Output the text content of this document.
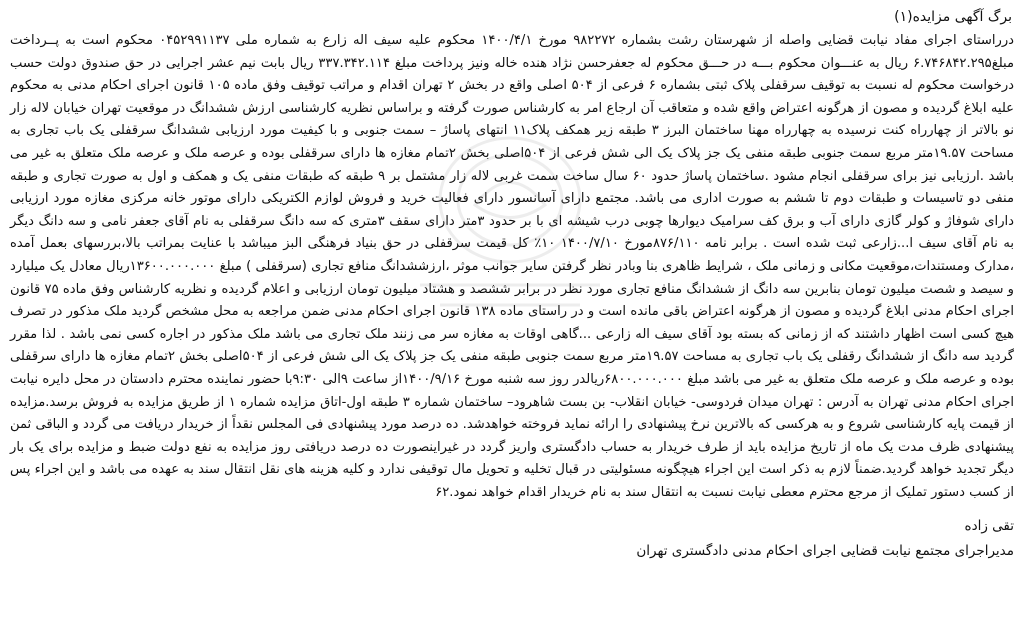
برگ آگهی مزایده(۱)

درراستای اجرای مفاد نیابت قضایی واصله از شهرستان رشت بشماره ۹۸۲۲۷۲ مورخ ۱۴۰۰/۴/۱ محکوم علیه سیف اله زارع به شماره ملی ۰۴۵۲۹۹۱۱۳۷ محکوم است به پــرداخت مبلغ۶.۷۴۶۸۴۲.۲۹۵ ریال به عنـــوان محکوم بـــه در حـــق محکوم له جعفرحسن نژاد هنده خاله ونیز پرداخت مبلغ ۳۳۷.۳۴۲.۱۱۴ ریال بابت نیم عشر اجرایی در حق صندوق دولت حسب درخواست محکوم له نسبت به توقیف سرقفلی پلاک ثبتی بشماره ۶ فرعی از ۵۰۴ اصلی واقع در بخش ۲ تهران اقدام و مراتب توقیف وفق ماده ۱۰۵ قانون اجرای احکام مدنی به محکوم علیه ابلاغ گردیده و مصون از هرگونه اعتراض واقع شده و متعاقب آن ارجاع امر به کارشناس صورت گرفته و براساس نظریه کارشناسی ارزش ششدانگ در موقعیت تهران خیابان لاله زار نو بالاتر از چهارراه کنت نرسیده به چهارراه مهنا ساختمان البرز ۳ طبقه زیر همکف پلاک۱۱ انتهای پاساژ – سمت جنوبی و با کیفیت مورد ارزیابی ششدانگ سرقفلی یک باب تجاری به مساحت ۱۹.۵۷متر مربع سمت جنوبی طبقه منفی یک جز پلاک یک الی شش فرعی از ۵۰۴اصلی بخش ۲تمام مغازه ها دارای سرقفلی بوده و عرصه ملک و عرصه ملک متعلق به غیر می باشد .ارزیابی نیز برای سرقفلی انجام مشود .ساختمان پاساژ حدود ۶۰ سال ساخت سمت غربی لاله زار مشتمل بر ۹ طبقه که طبقات منفی یک و همکف و اول به صورت تجاری و طبقه منفی دو تاسیسات و طبقات دوم تا ششم به صورت اداری می باشد. مجتمع دارای آسانسور دارای فعالیت خرید و فروش لوازم الکتریکی دارای موتور خانه مرکزی مغازه مورد ارزیابی دارای شوفاژ و کولر گازی دارای آب و برق کف سرامیک دیوارها چوبی درب شیشه ای با بر حدود ۳متر دارای سقف ۳متری که سه دانگ سرقفلی به نام آقای جعفر نامی و سه دانگ دیگر به نام آقای سیف ا...زارعی ثبت شده است . برابر نامه ۸۷۶/۱۱۰مورخ ۱۴۰۰/۷/۱۰ ۱۰٪ کل قیمت سرقفلی در حق بنیاد فرهنگی البز میباشد با عنایت بمراتب بالا،بررسهای بعمل آمده ،مدارک ومستندات،موقعیت مکانی و زمانی ملک ، شرایط ظاهری بنا وبادر نظر گرفتن سایر جوانب موثر ،ارزششدانگ منافع تجاری (سرقفلی ) مبلغ ۱۳۶۰۰.۰۰۰.۰۰۰ریال معادل یک میلیارد و سیصد و شصت میلیون تومان بنابرین سه دانگ از ششدانگ منافع تجاری مورد نظر در برابر ششصد و هشتاد میلیون تومان ارزیابی و اعلام گردیده و نظریه کارشناس وفق ماده ۷۵ قانون اجرای احکام مدنی ابلاغ گردیده و مصون از هرگونه اعتراض باقی مانده است و در راستای ماده ۱۳۸ قانون اجرای احکام مدنی ضمن مراجعه به محل مشخص گردید ملک مذکور در تصرف هیچ کسی است اظهار داشتند که از زمانی که بسته بود آقای سیف اله زارعی ...گاهی اوقات به مغازه سر می زنند ملک تجاری می باشد ملک مذکور در اجاره کسی نمی باشد . لذا مقرر گردید سه دانگ از ششدانگ رقفلی یک باب تجاری به مساحت ۱۹.۵۷متر مربع سمت جنوبی طبقه منفی یک جز پلاک یک الی شش فرعی از ۵۰۴اصلی بخش ۲تمام مغازه ها دارای سرقفلی بوده و عرصه ملک و عرصه ملک متعلق به غیر می باشد مبلغ ۶۸۰۰.۰۰۰.۰۰۰ریالدر روز سه شنبه مورخ ۱۴۰۰/۹/۱۶از ساعت ۹الی ۹:۳۰با حضور نماینده محترم دادستان در محل دایره نیابت اجرای احکام مدنی تهران به آدرس : تهران میدان فردوسی- خیابان انقلاب- بن بست شاهرود– ساختمان شماره ۳ طبقه اول-اتاق مزایده شماره ۱ از طریق مزایده به فروش برسد.مزایده از قیمت پایه کارشناسی شروع و به هرکسی که بالاترین نرخ پیشنهادی را ارائه نماید فروخته خواهدشد. ده درصد مورد پیشنهادی فی المجلس نقداً از خریدار دریافت می گردد و الباقی ثمن پیشنهادی ظرف مدت یک ماه از تاریخ مزایده باید از طرف خریدار به حساب دادگستری واریز گردد در غیراینصورت ده درصد دریافتی روز مزایده به نفع دولت ضبط و مزایده برای یک بار دیگر تجدید خواهد گردید.ضمناً لازم به ذکر است این اجراء هیچگونه مسئولیتی در قبال تخلیه و تحویل مال توقیفی ندارد و کلیه هزینه های نقل انتقال سند به عهده می باشد و این اجراء پس از کسب دستور تملیک از مرجع محترم معطی نیابت نسبت به انتقال سند به نام خریدار اقدام خواهد نمود.۶۲

تقی زاده
مدیراجرای مجتمع نیابت قضایی اجرای احکام مدنی دادگستری تهران
